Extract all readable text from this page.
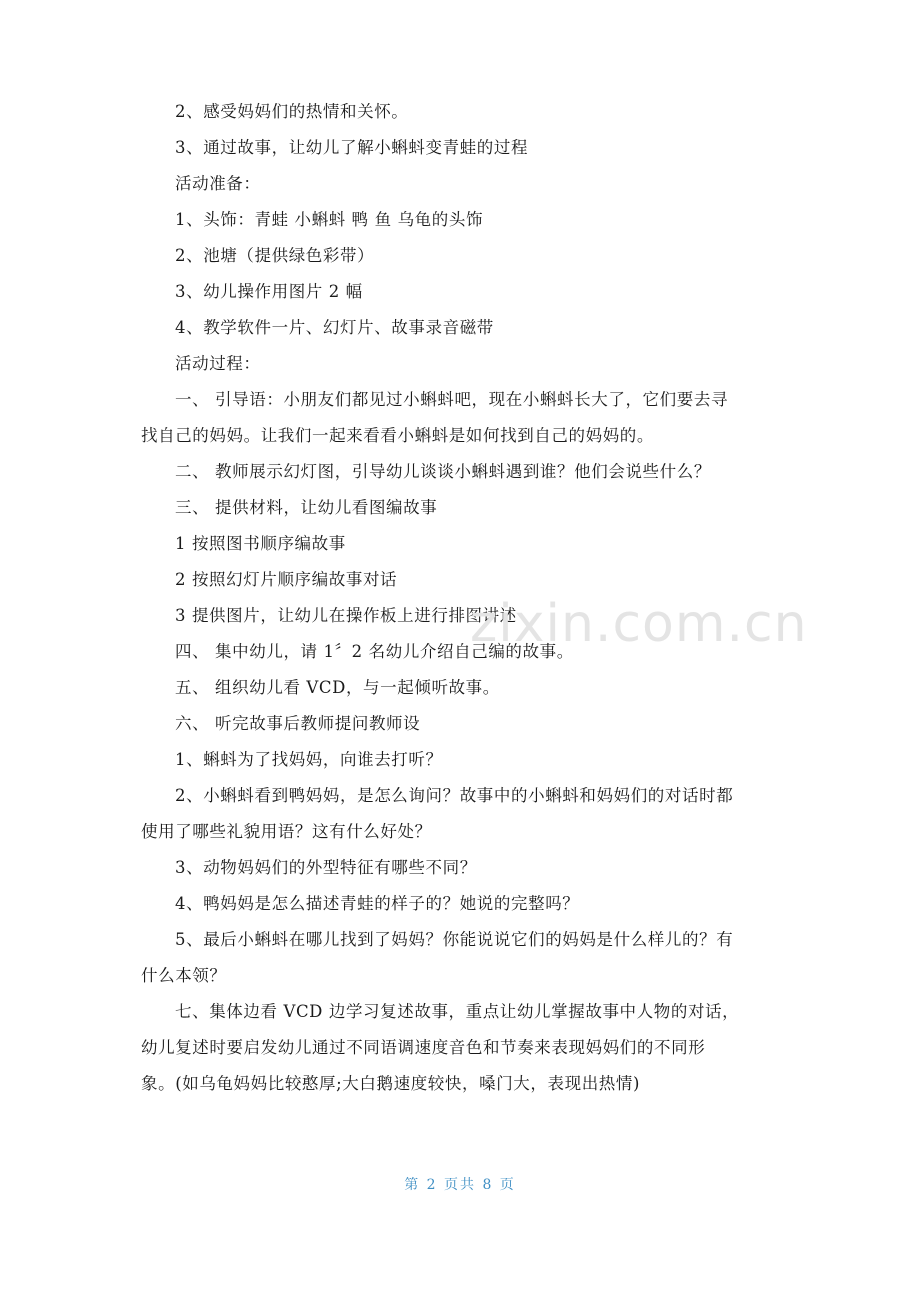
2、感受妈妈们的热情和关怀。
3、通过故事，让幼儿了解小蝌蚪变青蛙的过程
活动准备：
1、头饰：青蛙 小蝌蚪 鸭 鱼 乌龟的头饰
2、池塘（提供绿色彩带）
3、幼儿操作用图片 2 幅
4、教学软件一片、幻灯片、故事录音磁带
活动过程：
一、 引导语：小朋友们都见过小蝌蚪吧，现在小蝌蚪长大了，它们要去寻
找自己的妈妈。让我们一起来看看小蝌蚪是如何找到自己的妈妈的。
二、 教师展示幻灯图，引导幼儿谈谈小蝌蚪遇到谁？他们会说些什么？
三、 提供材料，让幼儿看图编故事
1 按照图书顺序编故事
2 按照幻灯片顺序编故事对话
3 提供图片，让幼儿在操作板上进行排图讲述
四、 集中幼儿，请 1〞2 名幼儿介绍自己编的故事。
五、 组织幼儿看 VCD，与一起倾听故事。
六、 听完故事后教师提问教师设
1、蝌蚪为了找妈妈，向谁去打听？
2、小蝌蚪看到鸭妈妈，是怎么询问？故事中的小蝌蚪和妈妈们的对话时都
使用了哪些礼貌用语？这有什么好处？
3、动物妈妈们的外型特征有哪些不同？
4、鸭妈妈是怎么描述青蛙的样子的？她说的完整吗？
5、最后小蝌蚪在哪儿找到了妈妈？你能说说它们的妈妈是什么样儿的？有
什么本领？
七、集体边看 VCD 边学习复述故事，重点让幼儿掌握故事中人物的对话，
幼儿复述时要启发幼儿通过不同语调速度音色和节奏来表现妈妈们的不同形
象。(如乌龟妈妈比较憨厚;大白鹅速度较快，嗓门大，表现出热情)
zixin.com.cn
第 2 页共 8 页
